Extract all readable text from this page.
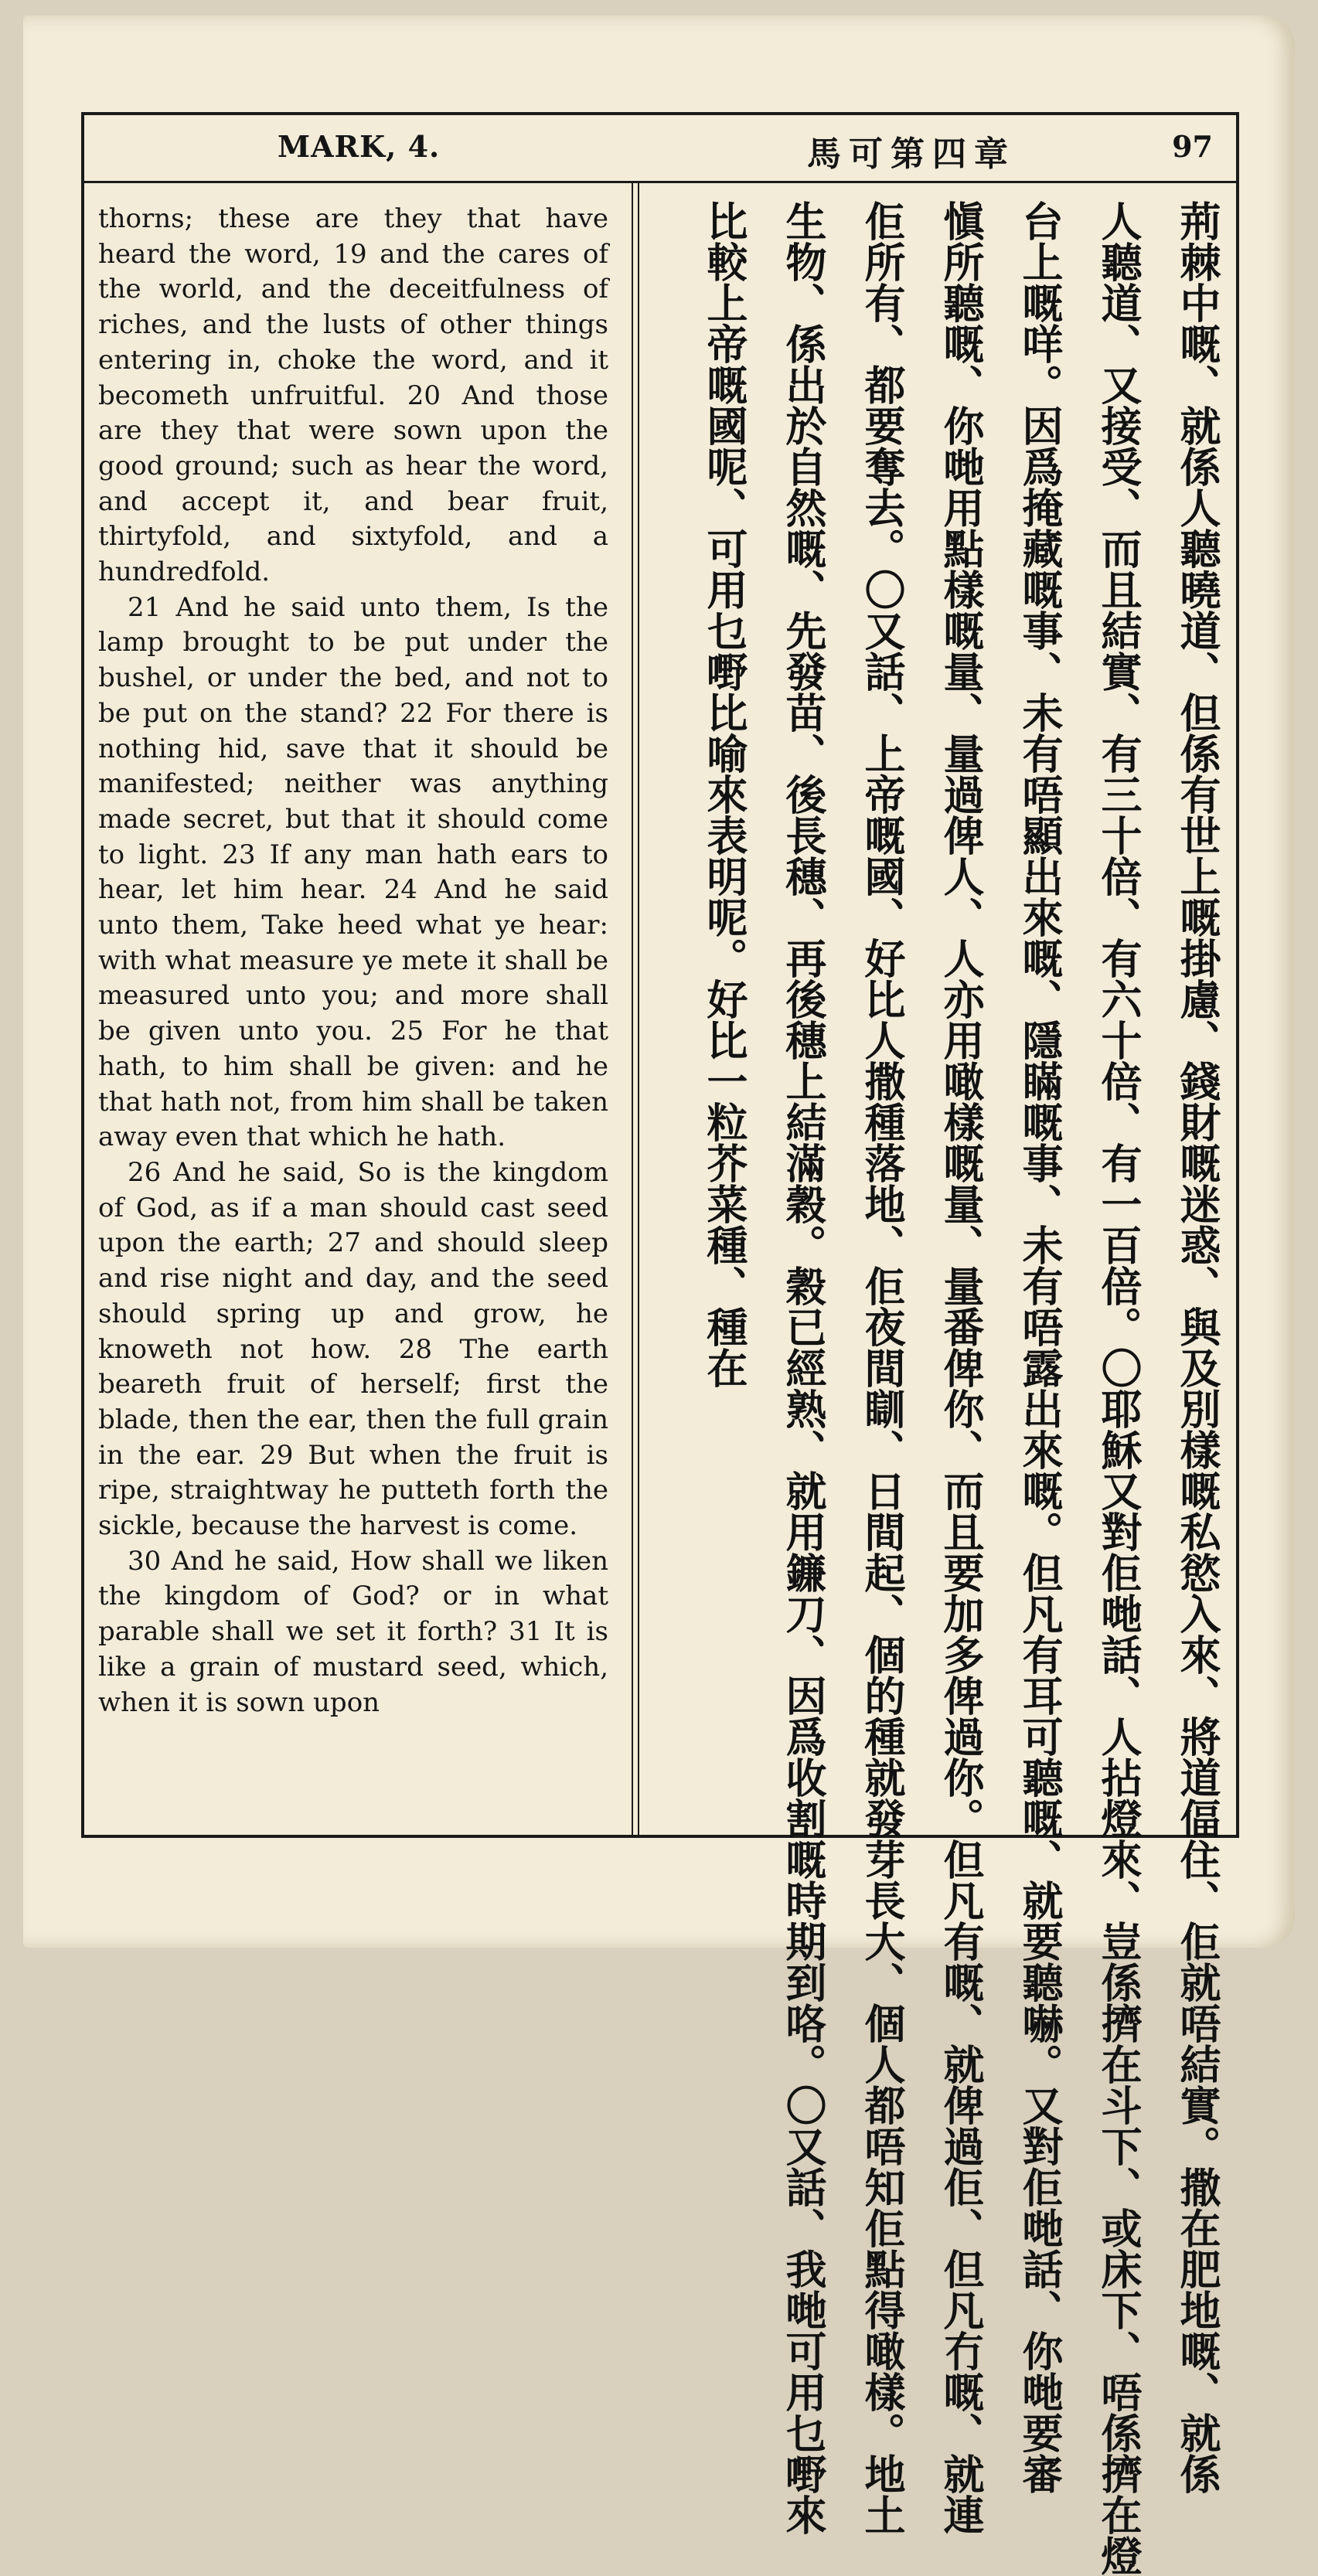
MARK, 4.	馬可第四章	97

thorns; these are they that have heard the word, 19 and the cares of the world, and the deceitfulness of riches, and the lusts of other things entering in, choke the word, and it becometh unfruitful. 20 And those are they that were sown upon the good ground; such as hear the word, and accept it, and bear fruit, thirtyfold, and sixtyfold, and a hundredfold.

21 And he said unto them, Is the lamp brought to be put under the bushel, or under the bed, and not to be put on the stand? 22 For there is nothing hid, save that it should be manifested; neither was anything made secret, but that it should come to light. 23 If any man hath ears to hear, let him hear. 24 And he said unto them, Take heed what ye hear: with what measure ye mete it shall be measured unto you; and more shall be given unto you. 25 For he that hath, to him shall be given: and he that hath not, from him shall be taken away even that which he hath.

26 And he said, So is the kingdom of God, as if a man should cast seed upon the earth; 27 and should sleep and rise night and day, and the seed should spring up and grow, he knoweth not how. 28 The earth beareth fruit of herself; first the blade, then the ear, then the full grain in the ear. 29 But when the fruit is ripe, straightway he putteth forth the sickle, because the harvest is come.

30 And he said, How shall we liken the kingdom of God? or in what parable shall we set it forth? 31 It is like a grain of mustard seed, which, when it is sown upon	荊棘中嘅、就係人聽曉道、但係有世上嘅掛慮、錢財嘅迷惑、與及別樣嘅私慾入來、將道偪住、佢就唔結實。撒在肥地嘅、就係
人聽道、又接受、而且結實、有三十倍、有六十倍、有一百倍。〇耶穌又對佢哋話、人拈燈來、豈係擠在斗下、或床下、唔係擠在燈
台上嘅咩。因爲掩藏嘅事、未有唔顯出來嘅、隱瞞嘅事、未有唔露出來嘅。但凡有耳可聽嘅、就要聽嚇。又對佢哋話、你哋要審
愼所聽嘅、你哋用點樣嘅量、量過俾人、人亦用噉樣嘅量、量番俾你、而且要加多俾過你。但凡有嘅、就俾過佢、但凡冇嘅、就連
佢所有、都要奪去。〇又話、上帝嘅國、好比人撒種落地、佢夜間瞓、日間起、個的種就發芽長大、個人都唔知佢點得噉樣。地土
生物、係出於自然嘅、先發苗、後長穗、再後穗上結滿穀。穀已經熟、就用鐮刀、因爲收割嘅時期到咯。〇又話、我哋可用乜嘢來
比較上帝嘅國呢、可用乜嘢比喻來表明呢。好比一粒芥菜種、種在
